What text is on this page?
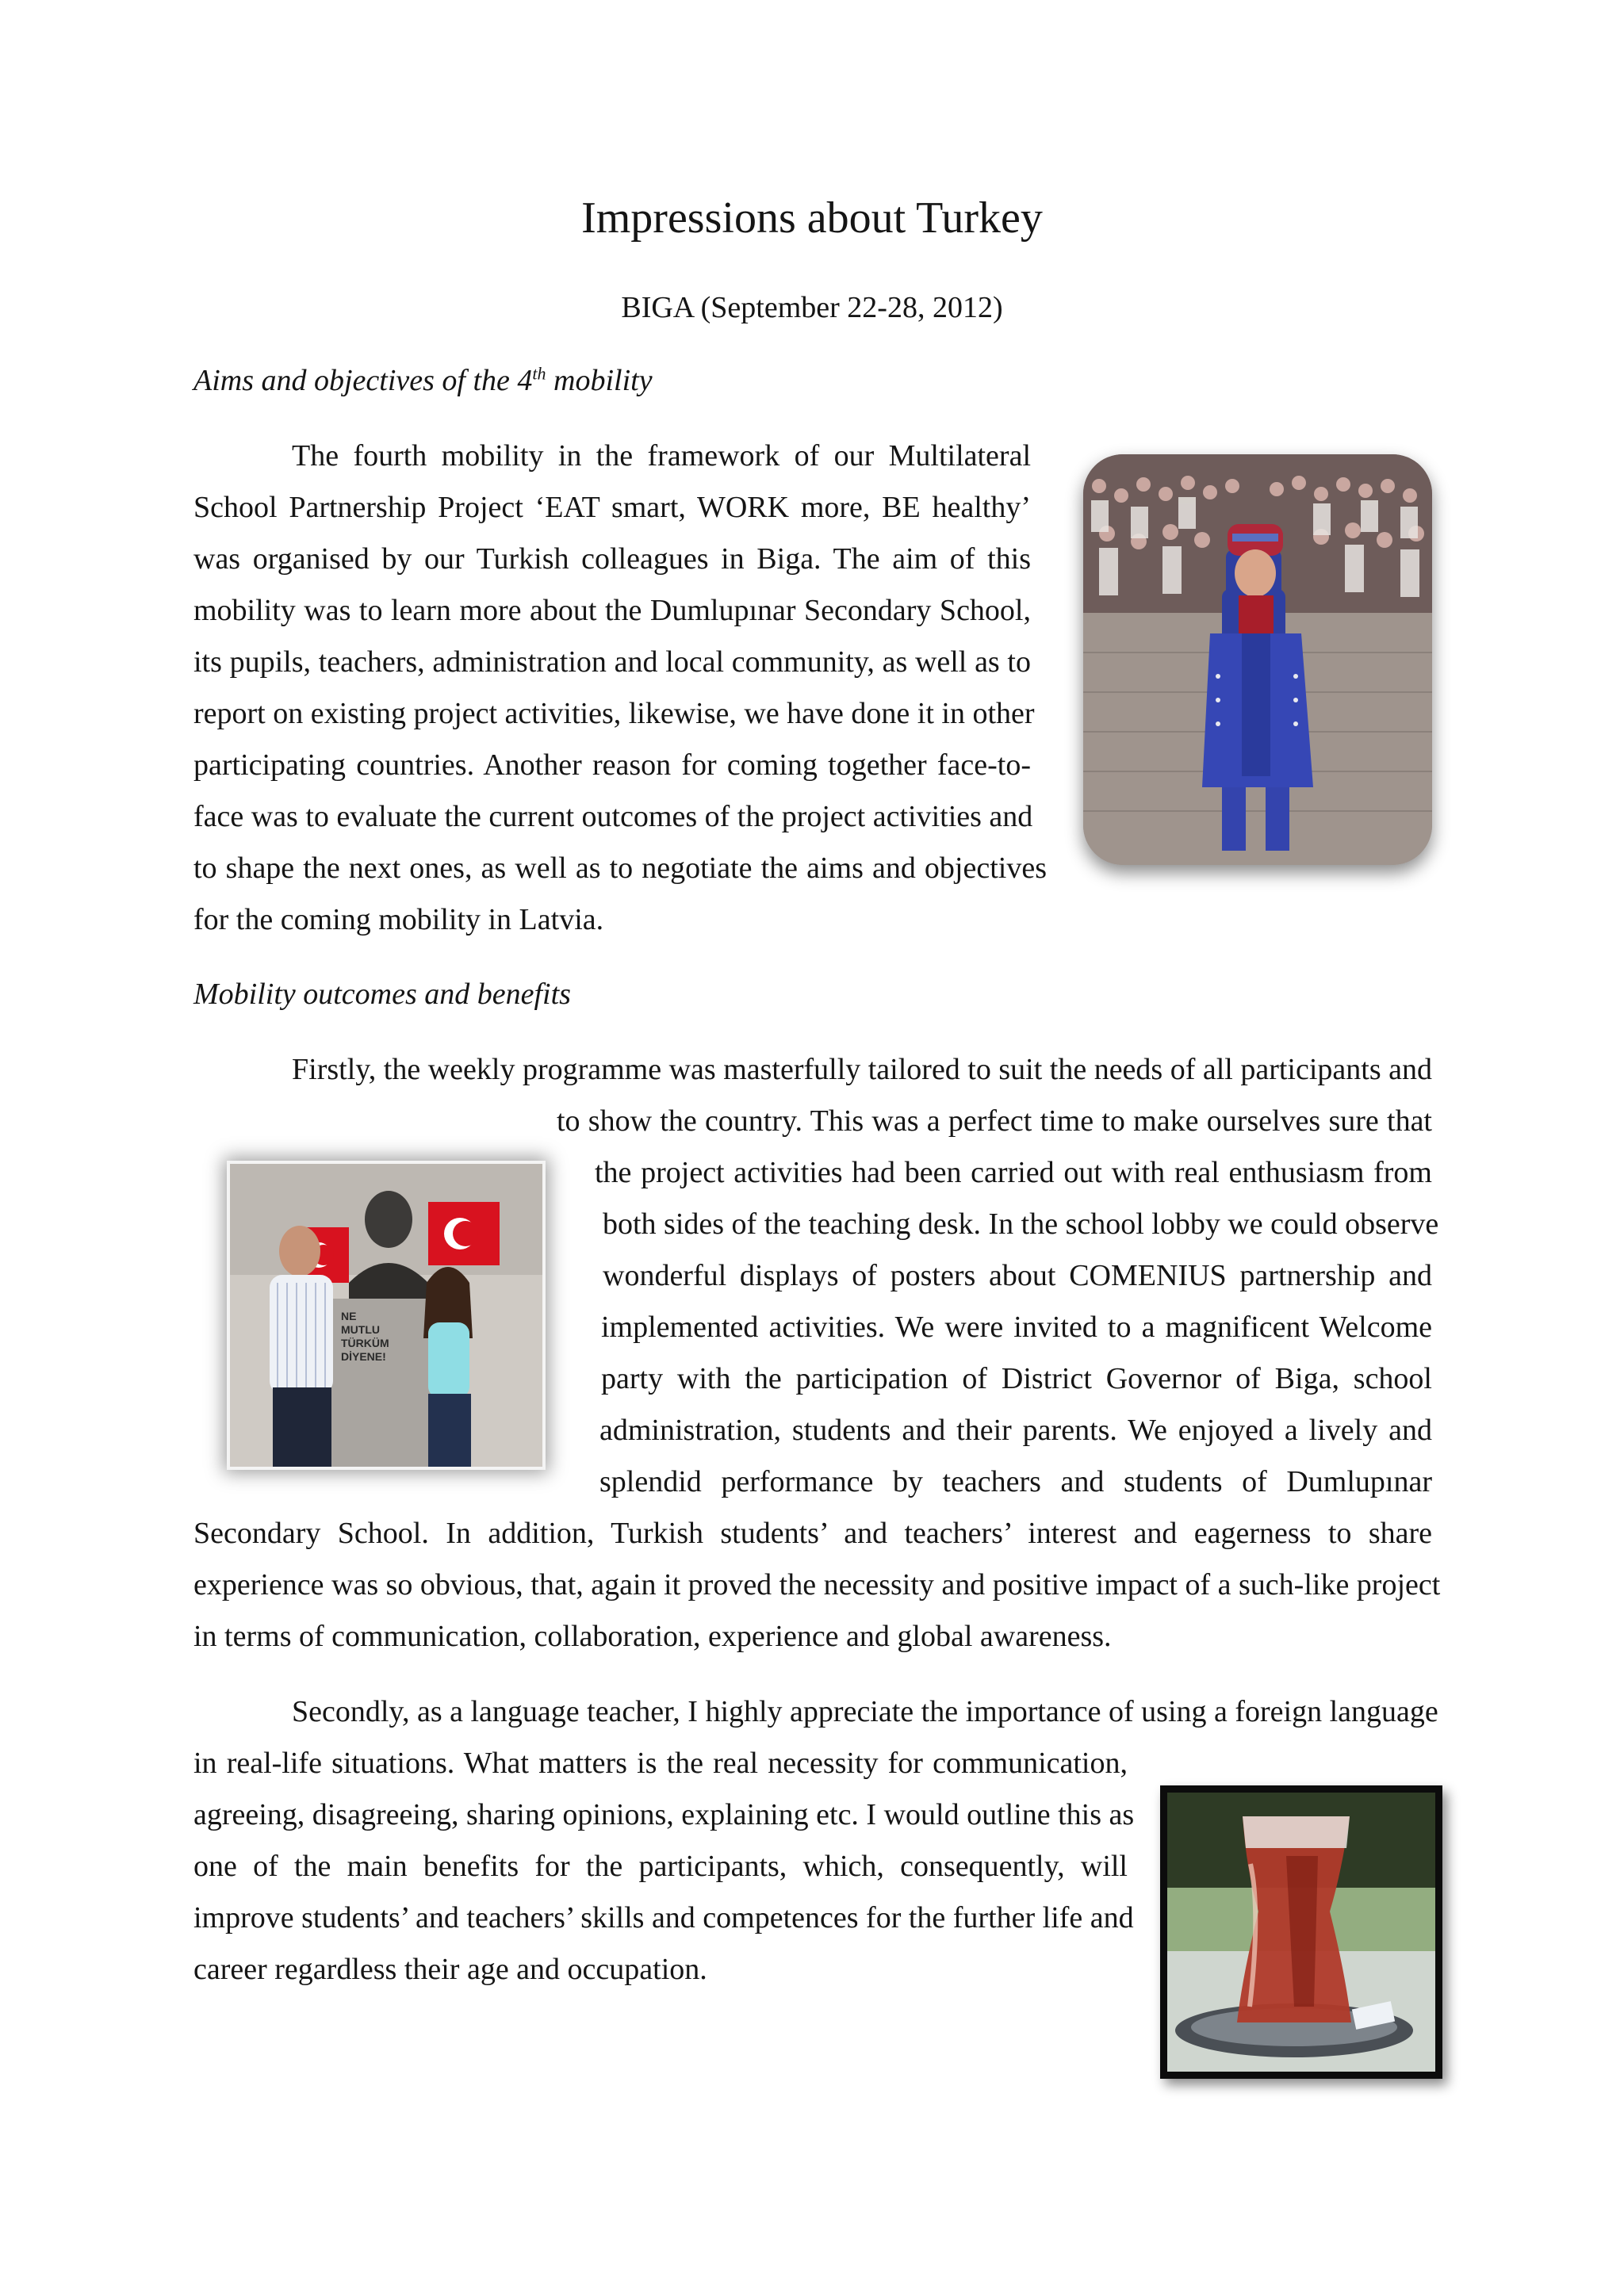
Impressions about Turkey
BIGA (September 22-28, 2012)
Aims and objectives of the 4th mobility
The fourth mobility in the framework of our Multilateral
School Partnership Project ‘EAT smart, WORK more, BE healthy’
was organised by our Turkish colleagues in Biga. The aim of this
mobility was to learn more about the Dumlupınar Secondary School,
its pupils, teachers, administration and local community, as well as to
report on existing project activities, likewise, we have done it in other
participating countries. Another reason for coming together face-to-
face was to evaluate the current outcomes of the project activities and
to shape the next ones, as well as to negotiate the aims and objectives
for the coming mobility in Latvia.
Mobility outcomes and benefits
Firstly, the weekly programme was masterfully tailored to suit the needs of all participants and
to show the country. This was a perfect time to make ourselves sure that
the project activities had been carried out with real enthusiasm from
both sides of the teaching desk. In the school lobby we could observe
wonderful displays of posters about COMENIUS partnership and
implemented activities. We were invited to a magnificent Welcome
party with the participation of District Governor of Biga, school
administration, students and their parents. We enjoyed a lively and
splendid performance by teachers and students of Dumlupınar
Secondary School. In addition, Turkish students’ and teachers’ interest and eagerness to share
experience was so obvious, that, again it proved the necessity and positive impact of a such-like project
in terms of communication, collaboration, experience and global awareness.
NE
MUTLU
TÜRKÜM
DİYENE!
Secondly, as a language teacher, I highly appreciate the importance of using a foreign language
in real-life situations. What matters is the real necessity for communication,
agreeing, disagreeing, sharing opinions, explaining etc. I would outline this as
one of the main benefits for the participants, which, consequently, will
improve students’ and teachers’ skills and competences for the further life and
career regardless their age and occupation.
